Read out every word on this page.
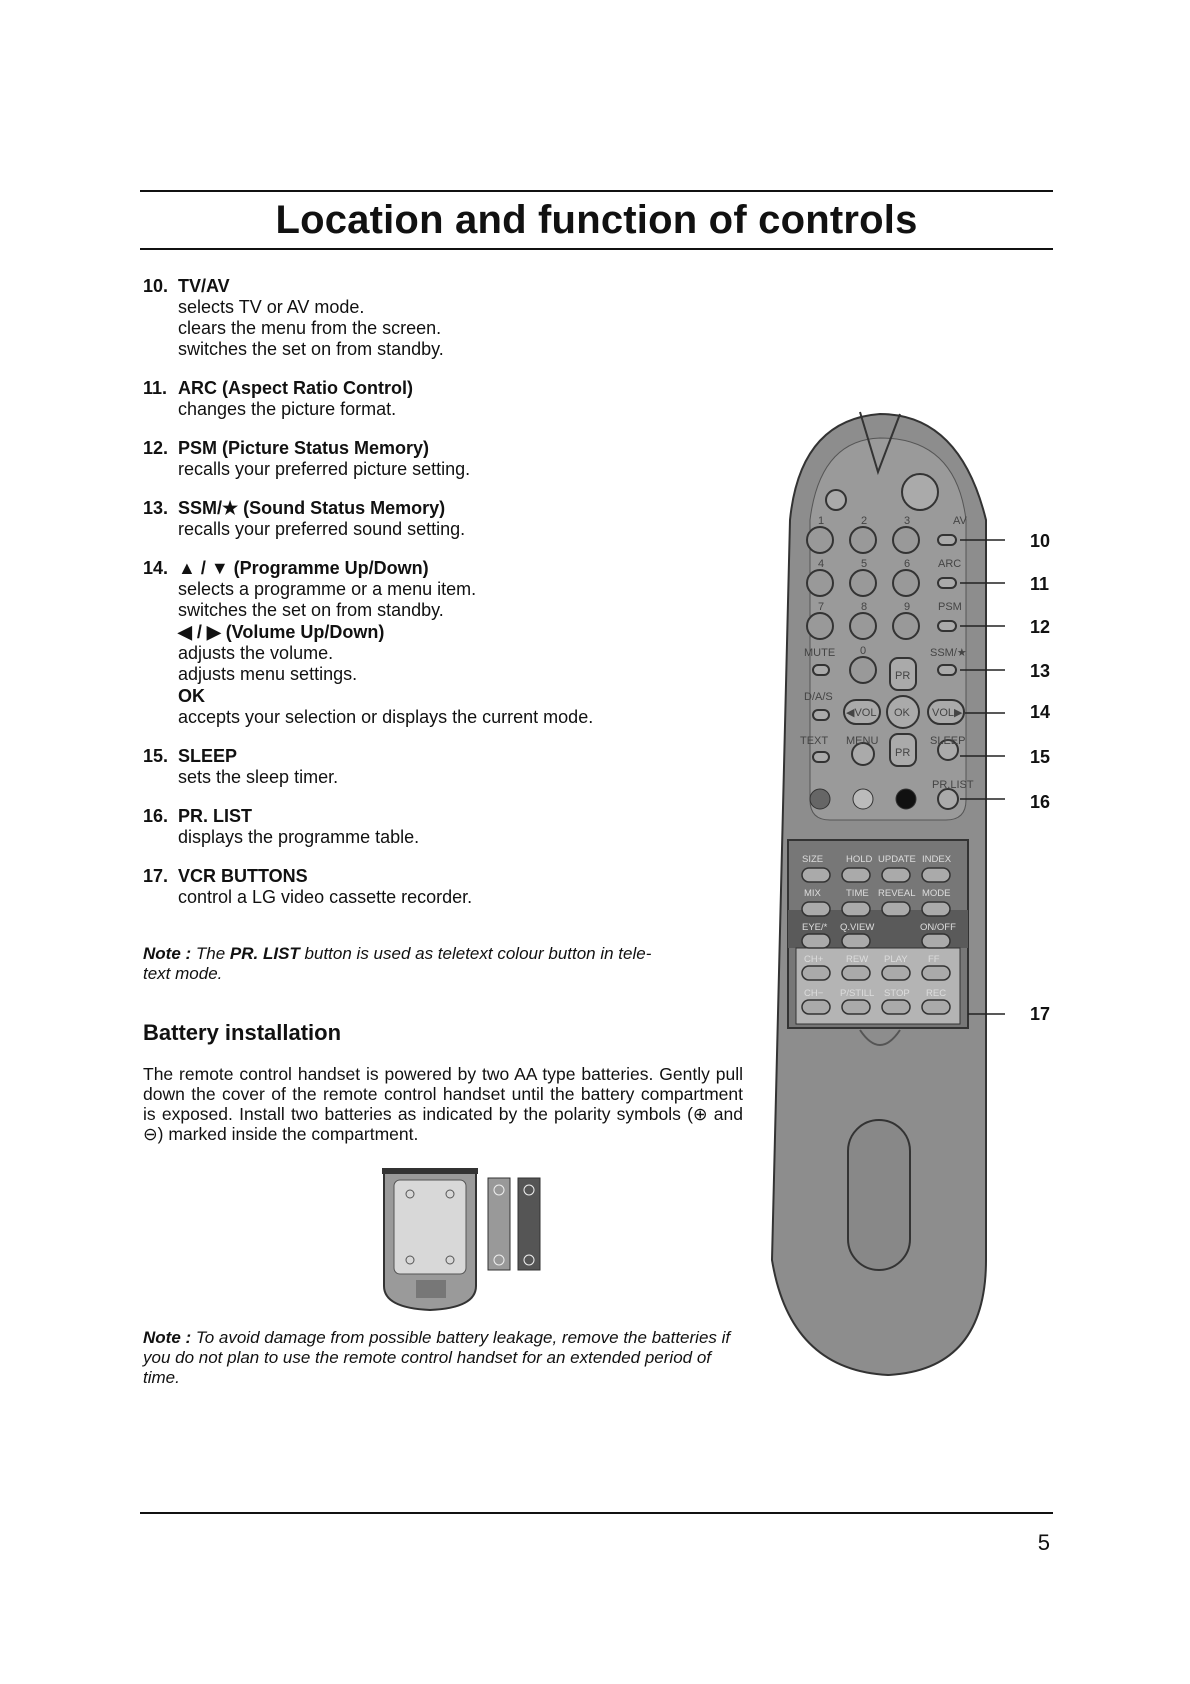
Location and function of controls
10. TV/AV
selects TV or AV mode.
clears the menu from the screen.
switches the set on from standby.
11. ARC (Aspect Ratio Control)
changes the picture format.
12. PSM (Picture Status Memory)
recalls your preferred picture setting.
13. SSM/★ (Sound Status Memory)
recalls your preferred sound setting.
14. ▲ / ▼ (Programme Up/Down)
selects a programme or a menu item.
switches the set on from standby.
◀ / ▶ (Volume Up/Down)
adjusts the volume.
adjusts menu settings.
OK
accepts your selection or displays the current mode.
15. SLEEP
sets the sleep timer.
16. PR. LIST
displays the programme table.
17. VCR BUTTONS
control a LG video cassette recorder.
Note : The PR. LIST button is used as teletext colour button in tele-
text mode.
Battery installation

The remote control handset is powered by two AA type batteries. Gently pull down the cover of the remote control handset until the battery compartment is exposed. Install two batteries as indicated by the polarity symbols (⊕ and ⊖) marked inside the compartment.

Note : To avoid damage from possible battery leakage, remove the batteries if you do not plan to use the remote control handset for an extended period of time.
1	2	3	AV
4	5	6	ARC
7	8	9	PSM
MUTE 0	SSM/★
D/A/S
PR
◀VOL OK VOL▶
TEXT MENU	SLEEP
PR
PR.LIST
SIZE HOLD UPDATE INDEX
MIX	TIME REVEAL MODE
EYE/* Q.VIEW	ON/OFF
CH+ REW PLAY FF
CH− P/STILL STOP REC
10
11
12
13
14
15
16
17
5
